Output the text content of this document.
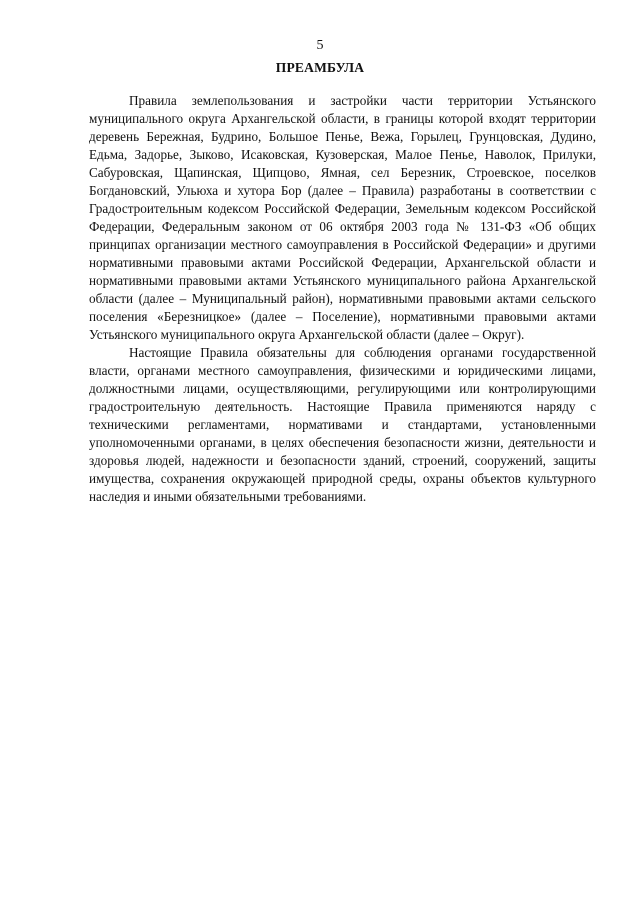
5
ПРЕАМБУЛА

Правила землепользования и застройки части территории Устьянского муниципального округа Архангельской области, в границы которой входят территории деревень Бережная, Будрино, Большое Пенье, Вежа, Горылец, Грунцовская, Дудино, Едьма, Задорье, Зыково, Исаковская, Кузоверская, Малое Пенье, Наволок, Прилуки, Сабуровская, Щапинская, Щипцово, Ямная, сел Березник, Строевское, поселков Богдановский, Ульюха и хутора Бор (далее – Правила) разработаны в соответствии с Градостроительным кодексом Российской Федерации, Земельным кодексом Российской Федерации, Федеральным законом от 06 октября 2003 года № 131-ФЗ «Об общих принципах организации местного самоуправления в Российской Федерации» и другими нормативными правовыми актами Российской Федерации, Архангельской области и нормативными правовыми актами Устьянского муниципального района Архангельской области (далее – Муниципальный район), нормативными правовыми актами сельского поселения «Березницкое» (далее – Поселение), нормативными правовыми актами Устьянского муниципального округа Архангельской области (далее – Округ).

Настоящие Правила обязательны для соблюдения органами государственной власти, органами местного самоуправления, физическими и юридическими лицами, должностными лицами, осуществляющими, регулирующими или контролирующими градостроительную деятельность. Настоящие Правила применяются наряду с техническими регламентами, нормативами и стандартами, установленными уполномоченными органами, в целях обеспечения безопасности жизни, деятельности и здоровья людей, надежности и безопасности зданий, строений, сооружений, защиты имущества, сохранения окружающей природной среды, охраны объектов культурного наследия и иными обязательными требованиями.
